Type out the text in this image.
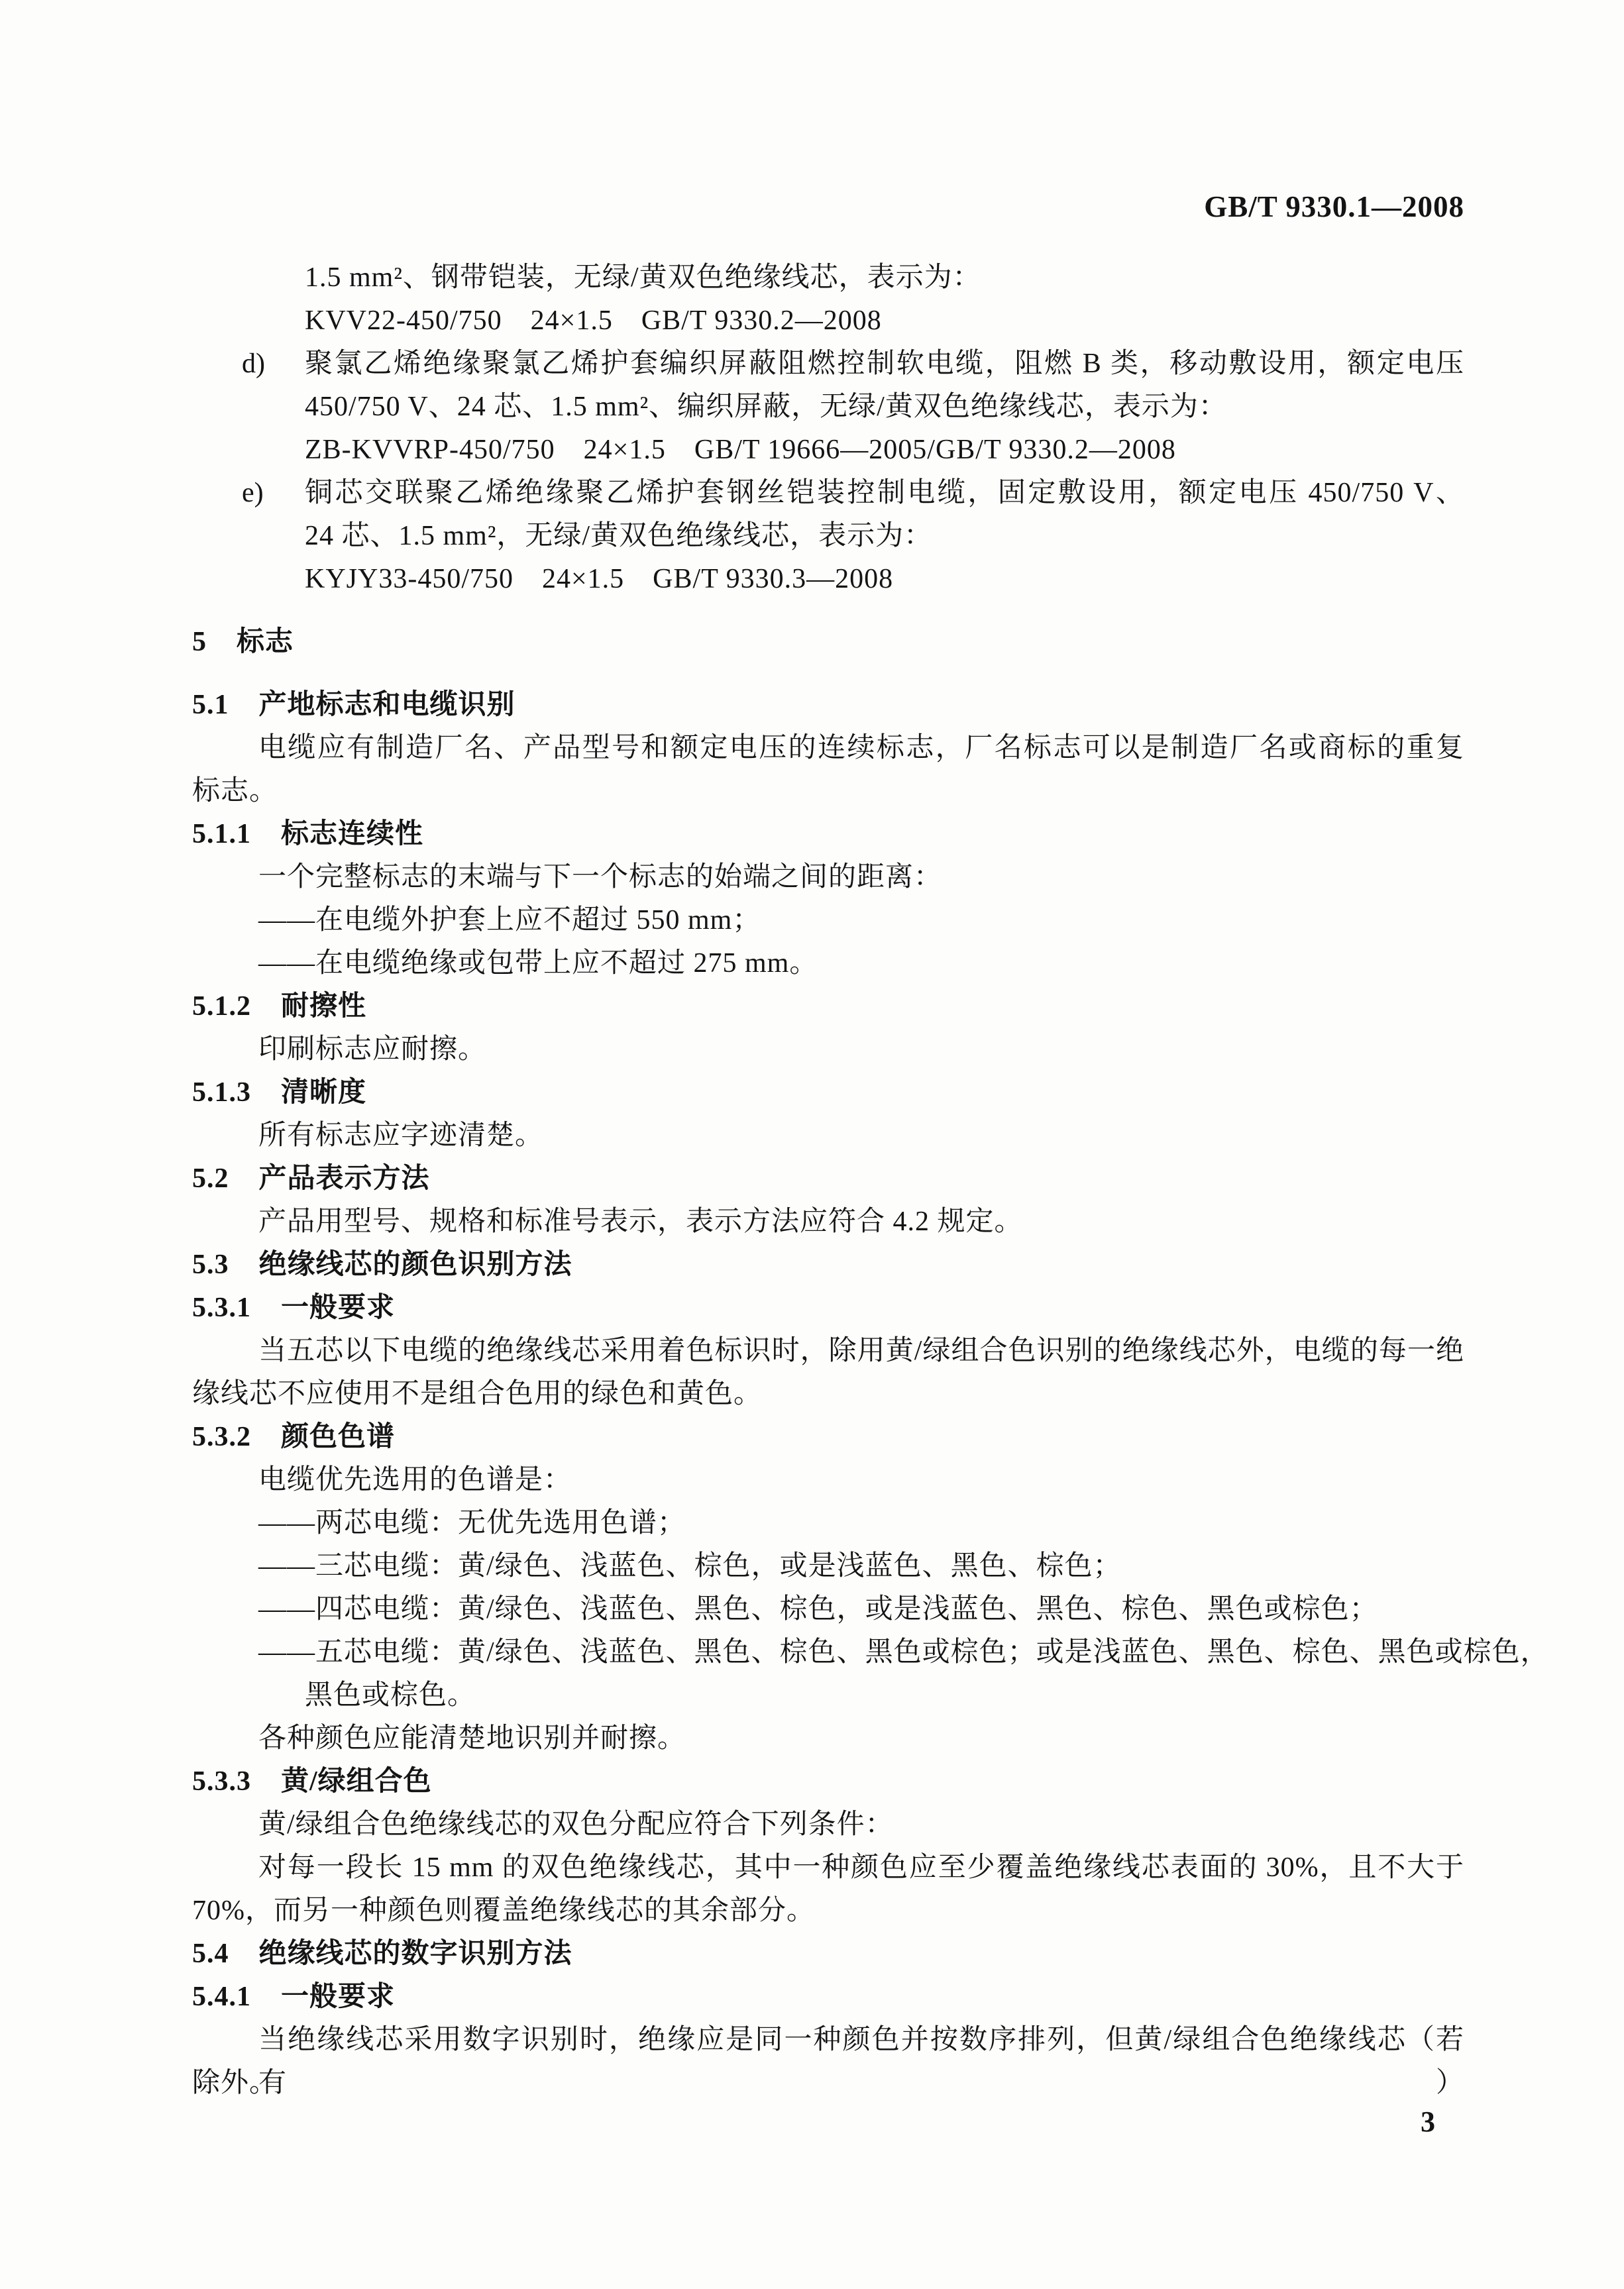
GB/T 9330.1—2008
1.5 mm²、钢带铠装，无绿/黄双色绝缘线芯，表示为：
KVV22-450/750　24×1.5　GB/T 9330.2—2008
d)	聚氯乙烯绝缘聚氯乙烯护套编织屏蔽阻燃控制软电缆，阻燃 B 类，移动敷设用，额定电压
450/750 V、24 芯、1.5 mm²、编织屏蔽，无绿/黄双色绝缘线芯，表示为：
ZB-KVVRP-450/750　24×1.5　GB/T 19666—2005/GB/T 9330.2—2008
e)	铜芯交联聚乙烯绝缘聚乙烯护套钢丝铠装控制电缆，固定敷设用，额定电压 450/750 V、
24 芯、1.5 mm²，无绿/黄双色绝缘线芯，表示为：
KYJY33-450/750　24×1.5　GB/T 9330.3—2008
5 标志
5.1 产地标志和电缆识别
电缆应有制造厂名、产品型号和额定电压的连续标志，厂名标志可以是制造厂名或商标的重复
标志。
5.1.1 标志连续性
一个完整标志的末端与下一个标志的始端之间的距离：
——在电缆外护套上应不超过 550 mm；
——在电缆绝缘或包带上应不超过 275 mm。
5.1.2 耐擦性
印刷标志应耐擦。
5.1.3 清晰度
所有标志应字迹清楚。
5.2 产品表示方法
产品用型号、规格和标准号表示，表示方法应符合 4.2 规定。
5.3 绝缘线芯的颜色识别方法
5.3.1 一般要求
当五芯以下电缆的绝缘线芯采用着色标识时，除用黄/绿组合色识别的绝缘线芯外，电缆的每一绝
缘线芯不应使用不是组合色用的绿色和黄色。
5.3.2 颜色色谱
电缆优先选用的色谱是：
——两芯电缆：无优先选用色谱；
——三芯电缆：黄/绿色、浅蓝色、棕色，或是浅蓝色、黑色、棕色；
——四芯电缆：黄/绿色、浅蓝色、黑色、棕色，或是浅蓝色、黑色、棕色、黑色或棕色；
——五芯电缆：黄/绿色、浅蓝色、黑色、棕色、黑色或棕色；或是浅蓝色、黑色、棕色、黑色或棕色，
黑色或棕色。
各种颜色应能清楚地识别并耐擦。
5.3.3 黄/绿组合色
黄/绿组合色绝缘线芯的双色分配应符合下列条件：
对每一段长 15 mm 的双色绝缘线芯，其中一种颜色应至少覆盖绝缘线芯表面的 30%，且不大于
70%，而另一种颜色则覆盖绝缘线芯的其余部分。
5.4 绝缘线芯的数字识别方法
5.4.1 一般要求
当绝缘线芯采用数字识别时，绝缘应是同一种颜色并按数序排列，但黄/绿组合色绝缘线芯（若有）
除外。
3
